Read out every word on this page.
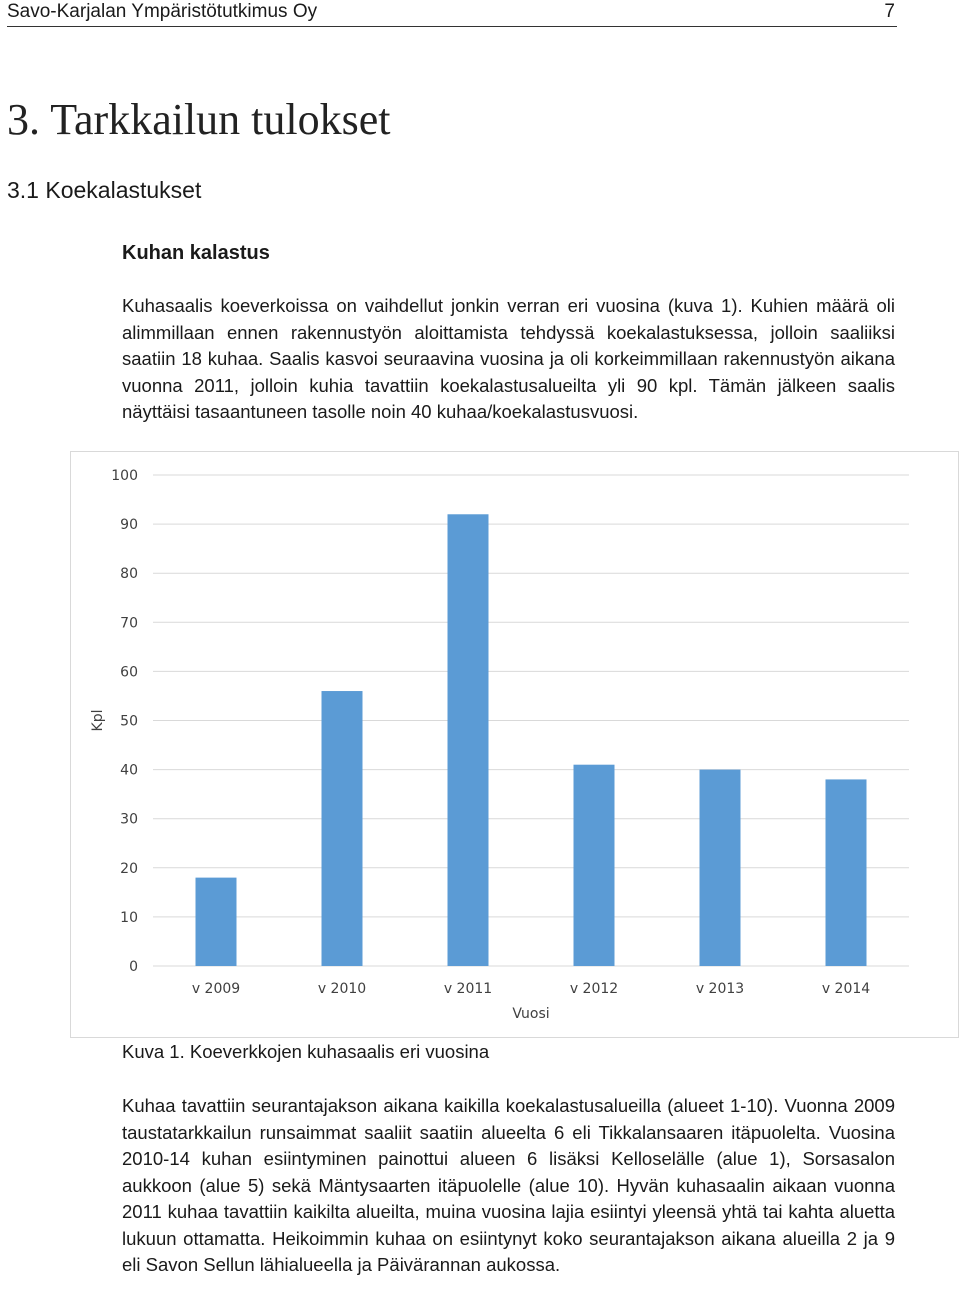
Savo-Karjalan Ympäristötutkimus Oy	7
3. Tarkkailun tulokset
3.1 Koekalastukset
Kuhan kalastus

Kuhasaalis koeverkoissa on vaihdellut jonkin verran eri vuosina (kuva 1). Kuhien määrä oli alimmillaan ennen rakennustyön aloittamista tehdyssä koekalastuksessa, jolloin saaliiksi saatiin 18 kuhaa. Saalis kasvoi seuraavina vuosina ja oli korkeimmillaan rakennustyön aikana vuonna 2011, jolloin kuhia tavattiin koekalastusalueilta yli 90 kpl. Tämän jälkeen saalis näyttäisi tasaantuneen tasolle noin 40 kuhaa/koekalastusvuosi.

0
10
20
30
40
50
60
70
80
90
100
v 2009	v 2010	v 2011	v 2012	v 2013	v 2014
Vuosi
Kpl

Kuva 1. Koeverkkojen kuhasaalis eri vuosina

Kuhaa tavattiin seurantajakson aikana kaikilla koekalastusalueilla (alueet 1-10). Vuonna 2009 taustatarkkailun runsaimmat saaliit saatiin alueelta 6 eli Tikkalansaaren itäpuolelta. Vuosina 2010-14 kuhan esiintyminen painottui alueen 6 lisäksi Kelloselälle (alue 1), Sorsasalon aukkoon (alue 5) sekä Mäntysaarten itäpuolelle (alue 10). Hyvän kuhasaalin aikaan vuonna 2011 kuhaa tavattiin kaikilta alueilta, muina vuosina lajia esiintyi yleensä yhtä tai kahta aluetta lukuun ottamatta. Heikoimmin kuhaa on esiintynyt koko seurantajakson aikana alueilla 2 ja 9 eli Savon Sellun lähialueella ja Päivärannan aukossa.
